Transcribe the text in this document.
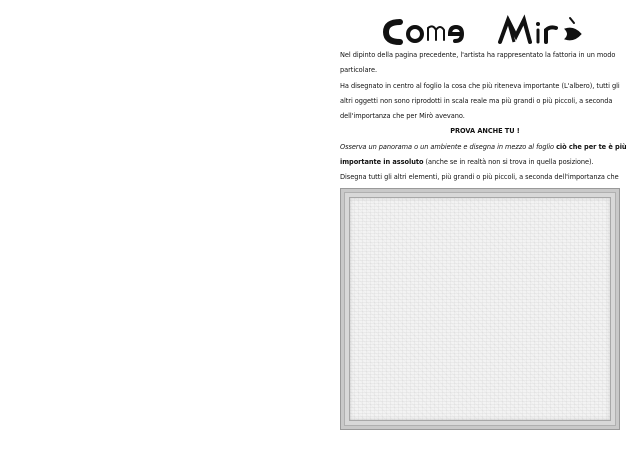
Nel dipinto della pagina precedente, l'artista ha rappresentato la fattoria in un modo particolare.

Ha disegnato in centro al foglio la cosa che più riteneva importante (L'albero), tutti gli altri oggetti non sono riprodotti in scala reale ma più grandi o più piccoli, a seconda dell'importanza che per Mirò avevano.

PROVA ANCHE TU !

Osserva un panorama o un ambiente e disegna in mezzo al foglio ciò che per te è più importante in assoluto (anche se in realtà non si trova in quella posizione).

Disegna tutti gli altri elementi, più grandi o più piccoli, a seconda dell'importanza che
